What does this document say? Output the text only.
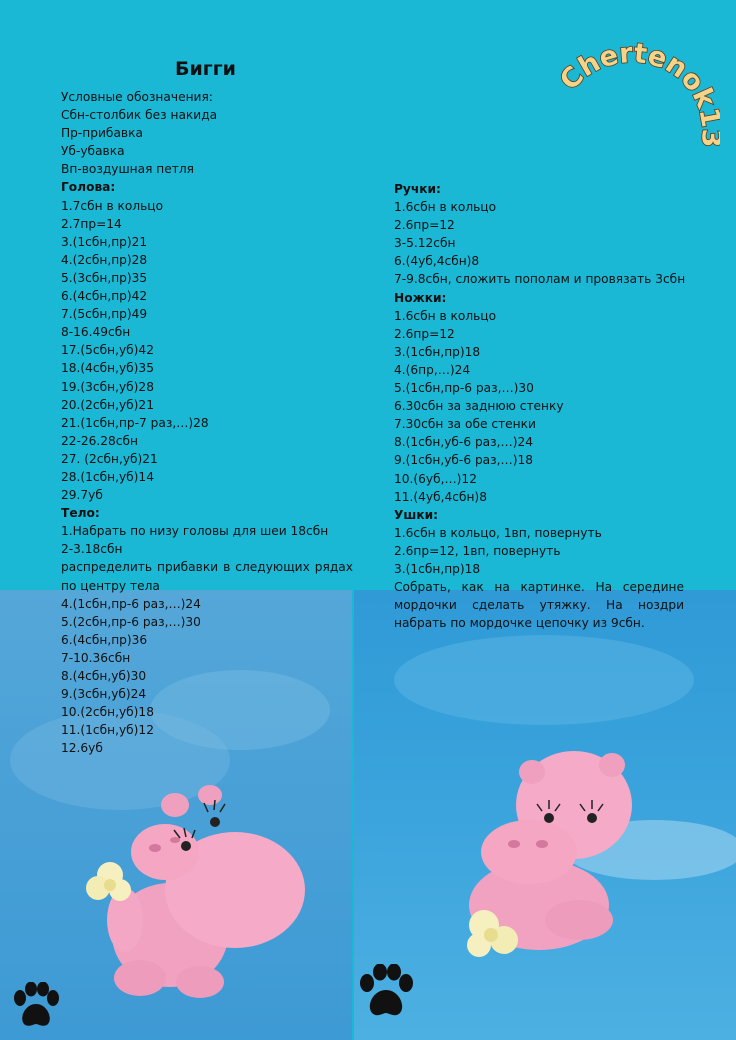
Бигги	hertenok
Условные обозначения:
Сбн-столбик без накида
Пр-прибавка
Уб-убавка
Вп-воздушная петля
Голова:
1.7сбн в кольцо
2.7пр=14
3.(1сбн,пр)21
4.(2сбн,пр)28
5.(3сбн,пр)35
6.(4сбн,пр)42
7.(5сбн,пр)49
8-16.49сбн
17.(5сбн,уб)42
18.(4сбн,уб)35
19.(3сбн,уб)28
20.(2сбн,уб)21
21.(1сбн,пр-7 раз,…)28
22-26.28сбн
27. (2сбн,уб)21
28.(1сбн,уб)14
29.7уб
Тело:
1.Набрать по низу головы для шеи 18сбн
2-3.18сбн
распределить прибавки в следующих рядах по центру тела
4.(1сбн,пр-6 раз,…)24
5.(2сбн,пр-6 раз,…)30
6.(4сбн,пр)36
7-10.36сбн
8.(4сбн,уб)30
9.(3сбн,уб)24
10.(2сбн,уб)18
11.(1сбн,уб)12
12.6уб
Ручки:
1.6сбн в кольцо
2.6пр=12
3-5.12сбн
6.(4уб,4сбн)8
7-9.8сбн, сложить пополам и провязать 3сбн
Ножки:
1.6сбн в кольцо
2.6пр=12
3.(1сбн,пр)18
4.(6пр,…)24
5.(1сбн,пр-6 раз,…)30
6.30сбн за заднюю стенку
7.30сбн за обе стенки
8.(1сбн,уб-6 раз,…)24
9.(1сбн,уб-6 раз,…)18
10.(6уб,…)12
11.(4уб,4сбн)8
Ушки:
1.6сбн в кольцо, 1вп, повернуть
2.6пр=12, 1вп, повернуть
3.(1сбн,пр)18
Собрать, как на картинке. На середине мордочки сделать утяжку. На ноздри набрать по мордочке цепочку из 9сбн.
